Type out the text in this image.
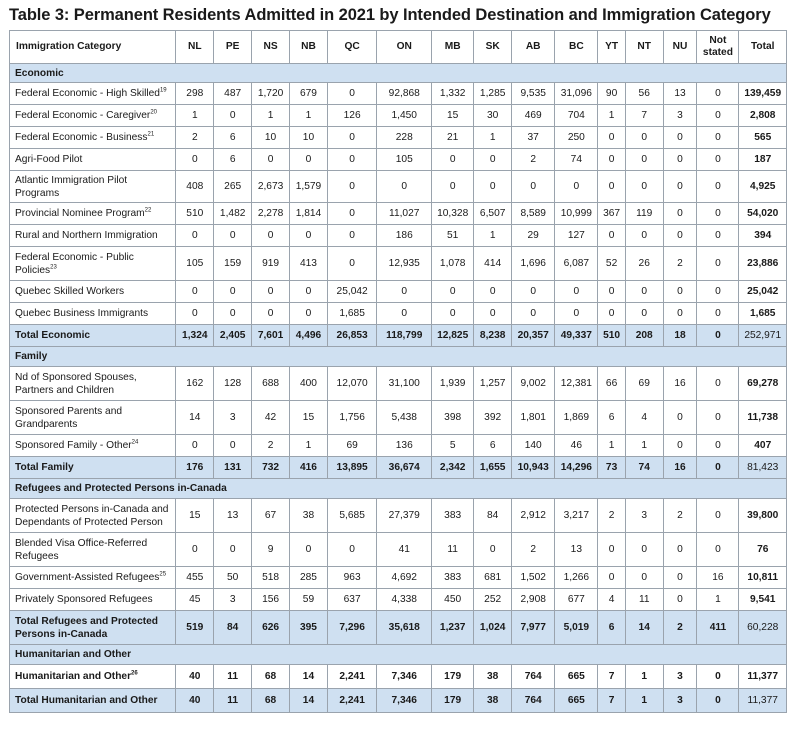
Table 3: Permanent Residents Admitted in 2021 by Intended Destination and Immigration Category
Immigration Category	NL	PE	NS	NB	QC	ON	MB	SK	AB	BC	YT	NT	NU	Not stated	Total
Economic															
Federal Economic - High Skilled$^{19}$	298	487	1,720	679	0	92,868	1,332	1,285	9,535	31,096	90	56	13	0	139,459
Federal Economic - Caregiver$^{20}$	1	0	1	1	126	1,450	15	30	469	704	1	7	3	0	2,808
Federal Economic - Business$^{21}$	2	6	10	10	0	228	21	1	37	250	0	0	0	0	565
Agri-Food Pilot	0	6	0	0	0	105	0	0	2	74	0	0	0	0	187
Atlantic Immigration Pilot Programs	408	265	2,673	1,579	0	0	0	0	0	0	0	0	0	0	4,925
Provincial Nominee Program$^{22}$	510	1,482	2,278	1,814	0	11,027	10,328	6,507	8,589	10,999	367	119	0	0	54,020
Rural and Northern Immigration	0	0	0	0	0	186	51	1	29	127	0	0	0	0	394
Federal Economic - Public Policies$^{23}$	105	159	919	413	0	12,935	1,078	414	1,696	6,087	52	26	2	0	23,886
Quebec Skilled Workers	0	0	0	0	25,042	0	0	0	0	0	0	0	0	0	25,042
Quebec Business Immigrants	0	0	0	0	1,685	0	0	0	0	0	0	0	0	0	1,685
Total Economic	1,324	2,405	7,601	4,496	26,853	118,799	12,825	8,238	20,357	49,337	510	208	18	0	252,971
Family															
Nd of Sponsored Spouses, Partners and Children	162	128	688	400	12,070	31,100	1,939	1,257	9,002	12,381	66	69	16	0	69,278
Sponsored Parents and Grandparents	14	3	42	15	1,756	5,438	398	392	1,801	1,869	6	4	0	0	11,738
Sponsored Family - Other$^{24}$	0	0	2	1	69	136	5	6	140	46	1	1	0	0	407
Total Family	176	131	732	416	13,895	36,674	2,342	1,655	10,943	14,296	73	74	16	0	81,423
Refugees and Protected Persons in-Canada															
Protected Persons in-Canada and Dependants of Protected Person	15	13	67	38	5,685	27,379	383	84	2,912	3,217	2	3	2	0	39,800
Blended Visa Office-Referred Refugees	0	0	9	0	0	41	11	0	2	13	0	0	0	0	76
Government-Assisted Refugees$^{25}$	455	50	518	285	963	4,692	383	681	1,502	1,266	0	0	0	16	10,811
Privately Sponsored Refugees	45	3	156	59	637	4,338	450	252	2,908	677	4	11	0	1	9,541
Total Refugees and Protected Persons in-Canada	519	84	626	395	7,296	35,618	1,237	1,024	7,977	5,019	6	14	2	411	60,228
Humanitarian and Other															
Humanitarian and Other$^{26}$	40	11	68	14	2,241	7,346	179	38	764	665	7	1	3	0	11,377
Total Humanitarian and Other	40	11	68	14	2,241	7,346	179	38	764	665	7	1	3	0	11,377
